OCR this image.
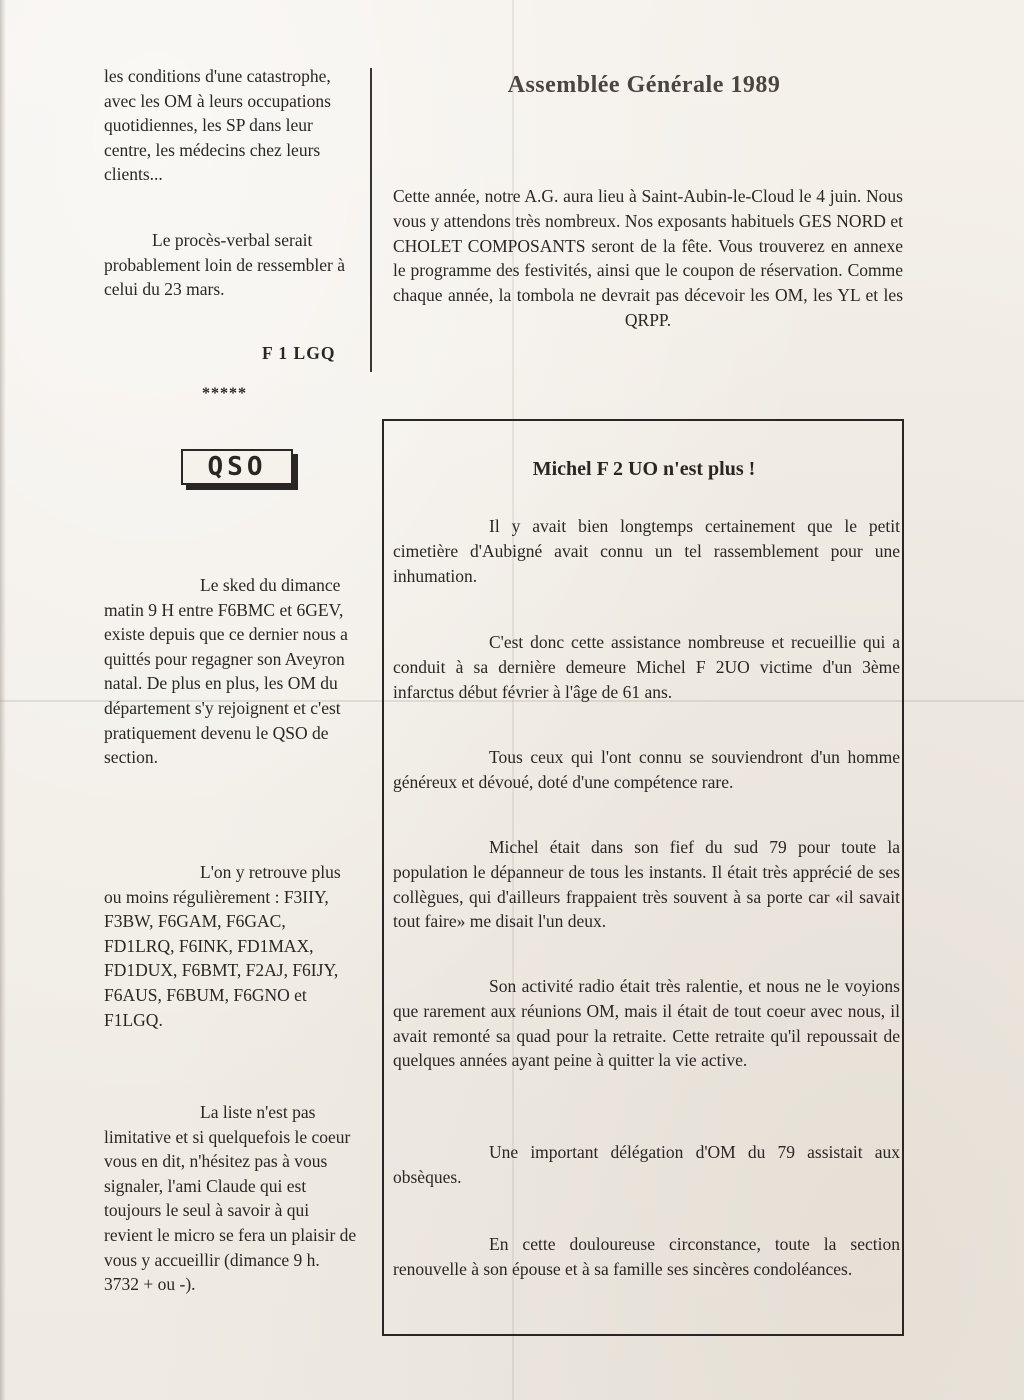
les conditions d'une catastrophe, avec les OM à leurs occupations quotidiennes, les SP dans leur centre, les médecins chez leurs clients...

Le procès-verbal serait probablement loin de ressembler à celui du 23 mars.

F 1 LGQ
*****
QSO

Le sked du dimance matin 9 H entre F6BMC et 6GEV, existe depuis que ce dernier nous a quittés pour regagner son Aveyron natal. De plus en plus, les OM du département s'y rejoignent et c'est pratiquement devenu le QSO de section.

L'on y retrouve plus ou moins régulièrement : F3IIY, F3BW, F6GAM, F6GAC, FD1LRQ, F6INK, FD1MAX, FD1DUX, F6BMT, F2AJ, F6IJY, F6AUS, F6BUM, F6GNO et F1LGQ.

La liste n'est pas limitative et si quelquefois le coeur vous en dit, n'hésitez pas à vous signaler, l'ami Claude qui est toujours le seul à savoir à qui revient le micro se fera un plaisir de vous y accueillir (dimance 9 h. 3732 + ou -).

Assemblée Générale 1989

Cette année, notre A.G. aura lieu à Saint-Aubin-le-Cloud le 4 juin. Nous vous y attendons très nombreux. Nos exposants habituels GES NORD et CHOLET COMPOSANTS seront de la fête. Vous trouverez en annexe le programme des festivités, ainsi que le coupon de réservation. Comme chaque année, la tombola ne devrait pas décevoir les OM, les YL et les QRPP.

Michel F 2 UO n'est plus !

Il y avait bien longtemps certainement que le petit cimetière d'Aubigné avait connu un tel rassemblement pour une inhumation.

C'est donc cette assistance nombreuse et recueillie qui a conduit à sa dernière demeure Michel F 2UO victime d'un 3ème infarctus début février à l'âge de 61 ans.

Tous ceux qui l'ont connu se souviendront d'un homme généreux et dévoué, doté d'une compétence rare.

Michel était dans son fief du sud 79 pour toute la population le dépanneur de tous les instants. Il était très apprécié de ses collègues, qui d'ailleurs frappaient très souvent à sa porte car «il savait tout faire» me disait l'un deux.

Son activité radio était très ralentie, et nous ne le voyions que rarement aux réunions OM, mais il était de tout coeur avec nous, il avait remonté sa quad pour la retraite. Cette retraite qu'il repoussait de quelques années ayant peine à quitter la vie active.

Une important délégation d'OM du 79 assistait aux obsèques.

En cette douloureuse circonstance, toute la section renouvelle à son épouse et à sa famille ses sincères condoléances.
